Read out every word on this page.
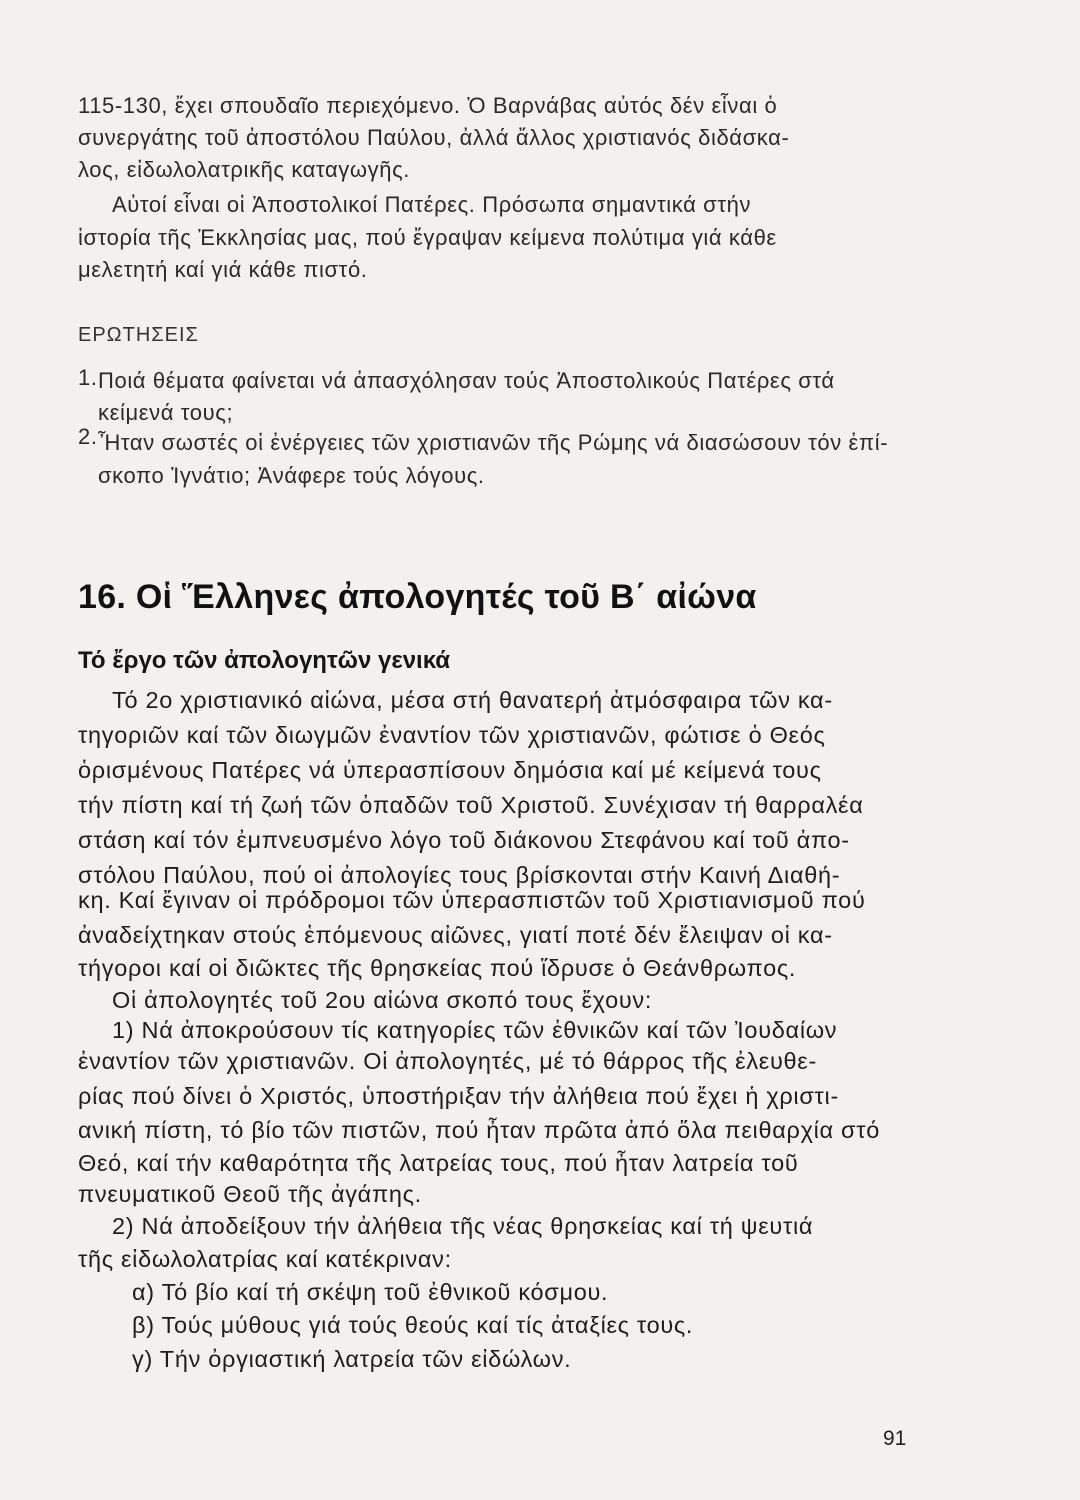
115-130, ἔχει σπουδαῖο περιεχόμενο. Ὁ Βαρνάβας αὐτός δέν εἶναι ὁ
συνεργάτης τοῦ ἀποστόλου Παύλου, ἀλλά ἄλλος χριστιανός διδάσκα-
λος, εἰδωλολατρικῆς καταγωγῆς.
Αὐτοί εἶναι οἱ Ἀποστολικοί Πατέρες. Πρόσωπα σημαντικά στήν
ἱστορία τῆς Ἐκκλησίας μας, πού ἔγραψαν κείμενα πολύτιμα γιά κάθε
μελετητή καί γιά κάθε πιστό.
ΕΡΩΤΗΣΕΙΣ
1. Ποιά θέματα φαίνεται νά ἀπασχόλησαν τούς Ἀποστολικούς Πατέρες στά
κείμενά τους;
2. Ἦταν σωστές οἱ ἐνέργειες τῶν χριστιανῶν τῆς Ρώμης νά διασώσουν τόν ἐπί-
σκοπο Ἰγνάτιο; Ἀνάφερε τούς λόγους.
16. Οἱ Ἕλληνες ἀπολογητές τοῦ Β΄ αἰώνα
Τό ἔργο τῶν ἀπολογητῶν γενικά
Τό 2ο χριστιανικό αἰώνα, μέσα στή θανατερή ἀτμόσφαιρα τῶν κα-
τηγοριῶν καί τῶν διωγμῶν ἐναντίον τῶν χριστιανῶν, φώτισε ὁ Θεός
ὁρισμένους Πατέρες νά ὑπερασπίσουν δημόσια καί μέ κείμενά τους
τήν πίστη καί τή ζωή τῶν ὀπαδῶν τοῦ Χριστοῦ. Συνέχισαν τή θαρραλέα
στάση καί τόν ἐμπνευσμένο λόγο τοῦ διάκονου Στεφάνου καί τοῦ ἀπο-
στόλου Παύλου, πού οἱ ἀπολογίες τους βρίσκονται στήν Καινή Διαθή-
κη. Καί ἔγιναν οἱ πρόδρομοι τῶν ὑπερασπιστῶν τοῦ Χριστιανισμοῦ πού
ἀναδείχτηκαν στούς ἑπόμενους αἰῶνες, γιατί ποτέ δέν ἔλειψαν οἱ κα-
τήγοροι καί οἱ διῶκτες τῆς θρησκείας πού ἵδρυσε ὁ Θεάνθρωπος.
Οἱ ἀπολογητές τοῦ 2ου αἰώνα σκοπό τους ἔχουν:
1) Νά ἀποκρούσουν τίς κατηγορίες τῶν ἐθνικῶν καί τῶν Ἰουδαίων
ἐναντίον τῶν χριστιανῶν. Οἱ ἀπολογητές, μέ τό θάρρος τῆς ἐλευθε-
ρίας πού δίνει ὁ Χριστός, ὑποστήριξαν τήν ἀλήθεια πού ἔχει ἡ χριστι-
ανική πίστη, τό βίο τῶν πιστῶν, πού ἦταν πρῶτα ἀπό ὅλα πειθαρχία στό
Θεό, καί τήν καθαρότητα τῆς λατρείας τους, πού ἦταν λατρεία τοῦ
πνευματικοῦ Θεοῦ τῆς ἀγάπης.
2) Νά ἀποδείξουν τήν ἀλήθεια τῆς νέας θρησκείας καί τή ψευτιά
τῆς εἰδωλολατρίας καί κατέκριναν:
α) Τό βίο καί τή σκέψη τοῦ ἐθνικοῦ κόσμου.
β) Τούς μύθους γιά τούς θεούς καί τίς ἀταξίες τους.
γ) Τήν ὀργιαστική λατρεία τῶν εἰδώλων.
91
